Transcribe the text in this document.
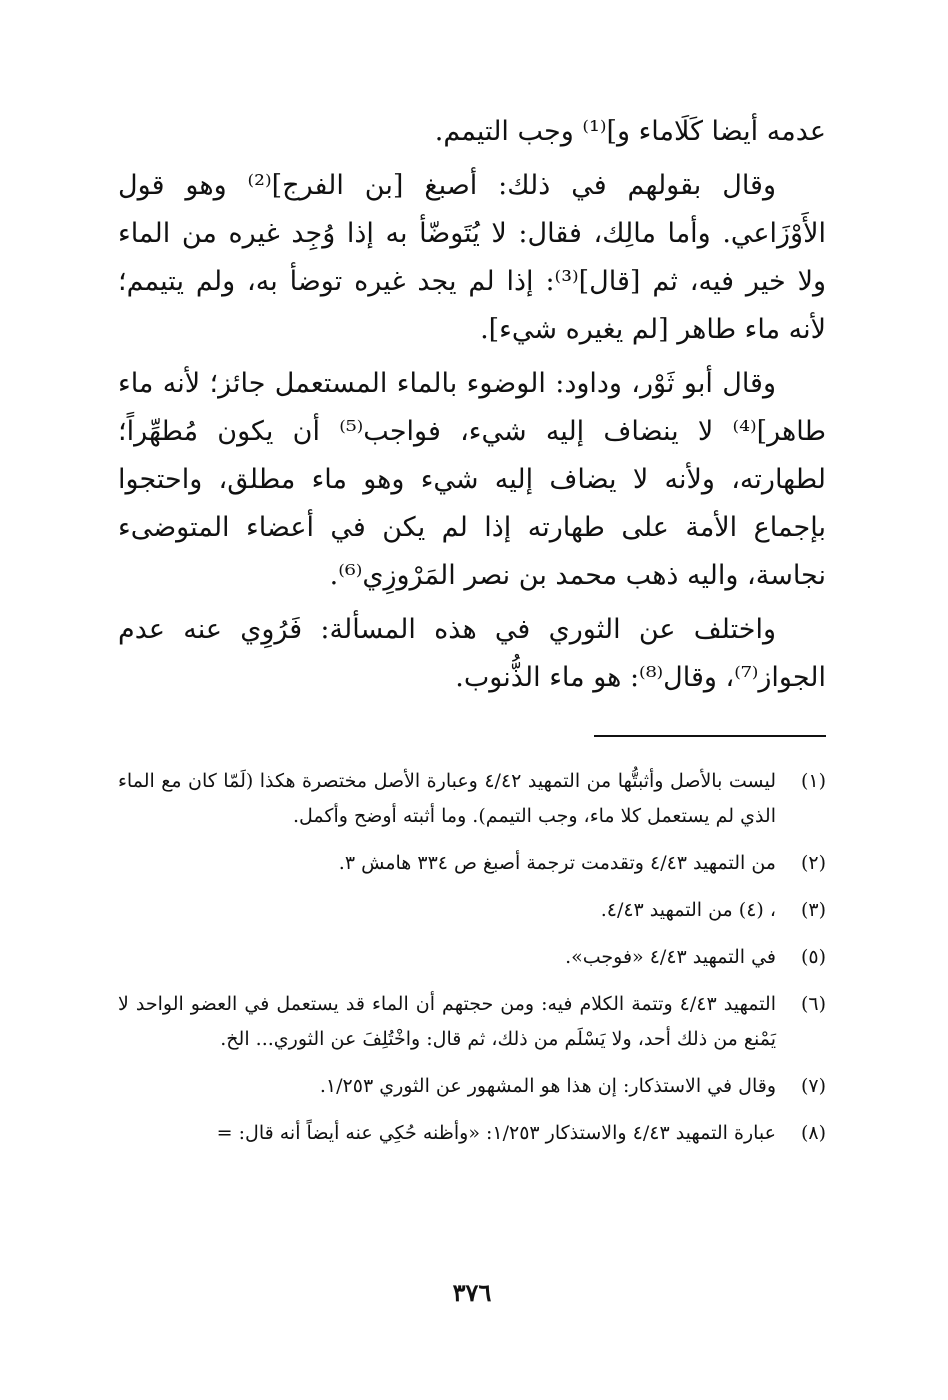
عدمه أيضا كَلَاماء و]⁽¹⁾ وجب التيمم.

وقال بقولهم في ذلك: أصبغ [بن الفرج]⁽²⁾ وهو قول الأَوْزَاعي. وأما مالِك، فقال: لا يُتَوضّأ به إذا وُجِد غيره من الماء ولا خير فيه، ثم [قال]⁽³⁾: إذا لم يجد غيره توضأ به، ولم يتيمم؛ لأنه ماء طاهر [لم يغيره شيء].

وقال أبو ثَوْر، وداود: الوضوء بالماء المستعمل جائز؛ لأنه ماء طاهر]⁽⁴⁾ لا ينضاف إليه شيء، فواجب⁽⁵⁾ أن يكون مُطهِّراً؛ لطهارته، ولأنه لا يضاف إليه شيء وهو ماء مطلق، واحتجوا بإجماع الأمة على طهارته إذا لم يكن في أعضاء المتوضىء نجاسة، واليه ذهب محمد بن نصر المَرْوزِي⁽⁶⁾.

واختلف عن الثوري في هذه المسألة: فَرُوِي عنه عدم الجواز⁽⁷⁾، وقال⁽⁸⁾: هو ماء الذُّنوب.

(١)
ليست بالأصل وأثبتُّها من التمهيد ٤/٤٢ وعبارة الأصل مختصرة هكذا (لَمّا كان مع الماء الذي لم يستعمل كلا ماء، وجب التيمم). وما أثبته أوضح وأكمل.
(٢)
من التمهيد ٤/٤٣ وتقدمت ترجمة أصبغ ص ٣٣٤ هامش ٣.
(٣)
، (٤) من التمهيد ٤/٤٣.
(٥)
في التمهيد ٤/٤٣ «فوجب».
(٦)
التمهيد ٤/٤٣ وتتمة الكلام فيه: ومن حجتهم أن الماء قد يستعمل في العضو الواحد لا يَمْنع من ذلك أحد، ولا يَسْلَم من ذلك، ثم قال: واخْتُلِفَ عن الثوري... الخ.
(٧)
وقال في الاستذكار: إن هذا هو المشهور عن الثوري ١/٢٥٣.
(٨)
عبارة التمهيد ٤/٤٣ والاستذكار ١/٢٥٣: «وأظنه حُكِي عنه أيضاً أنه قال: =
٣٧٦
